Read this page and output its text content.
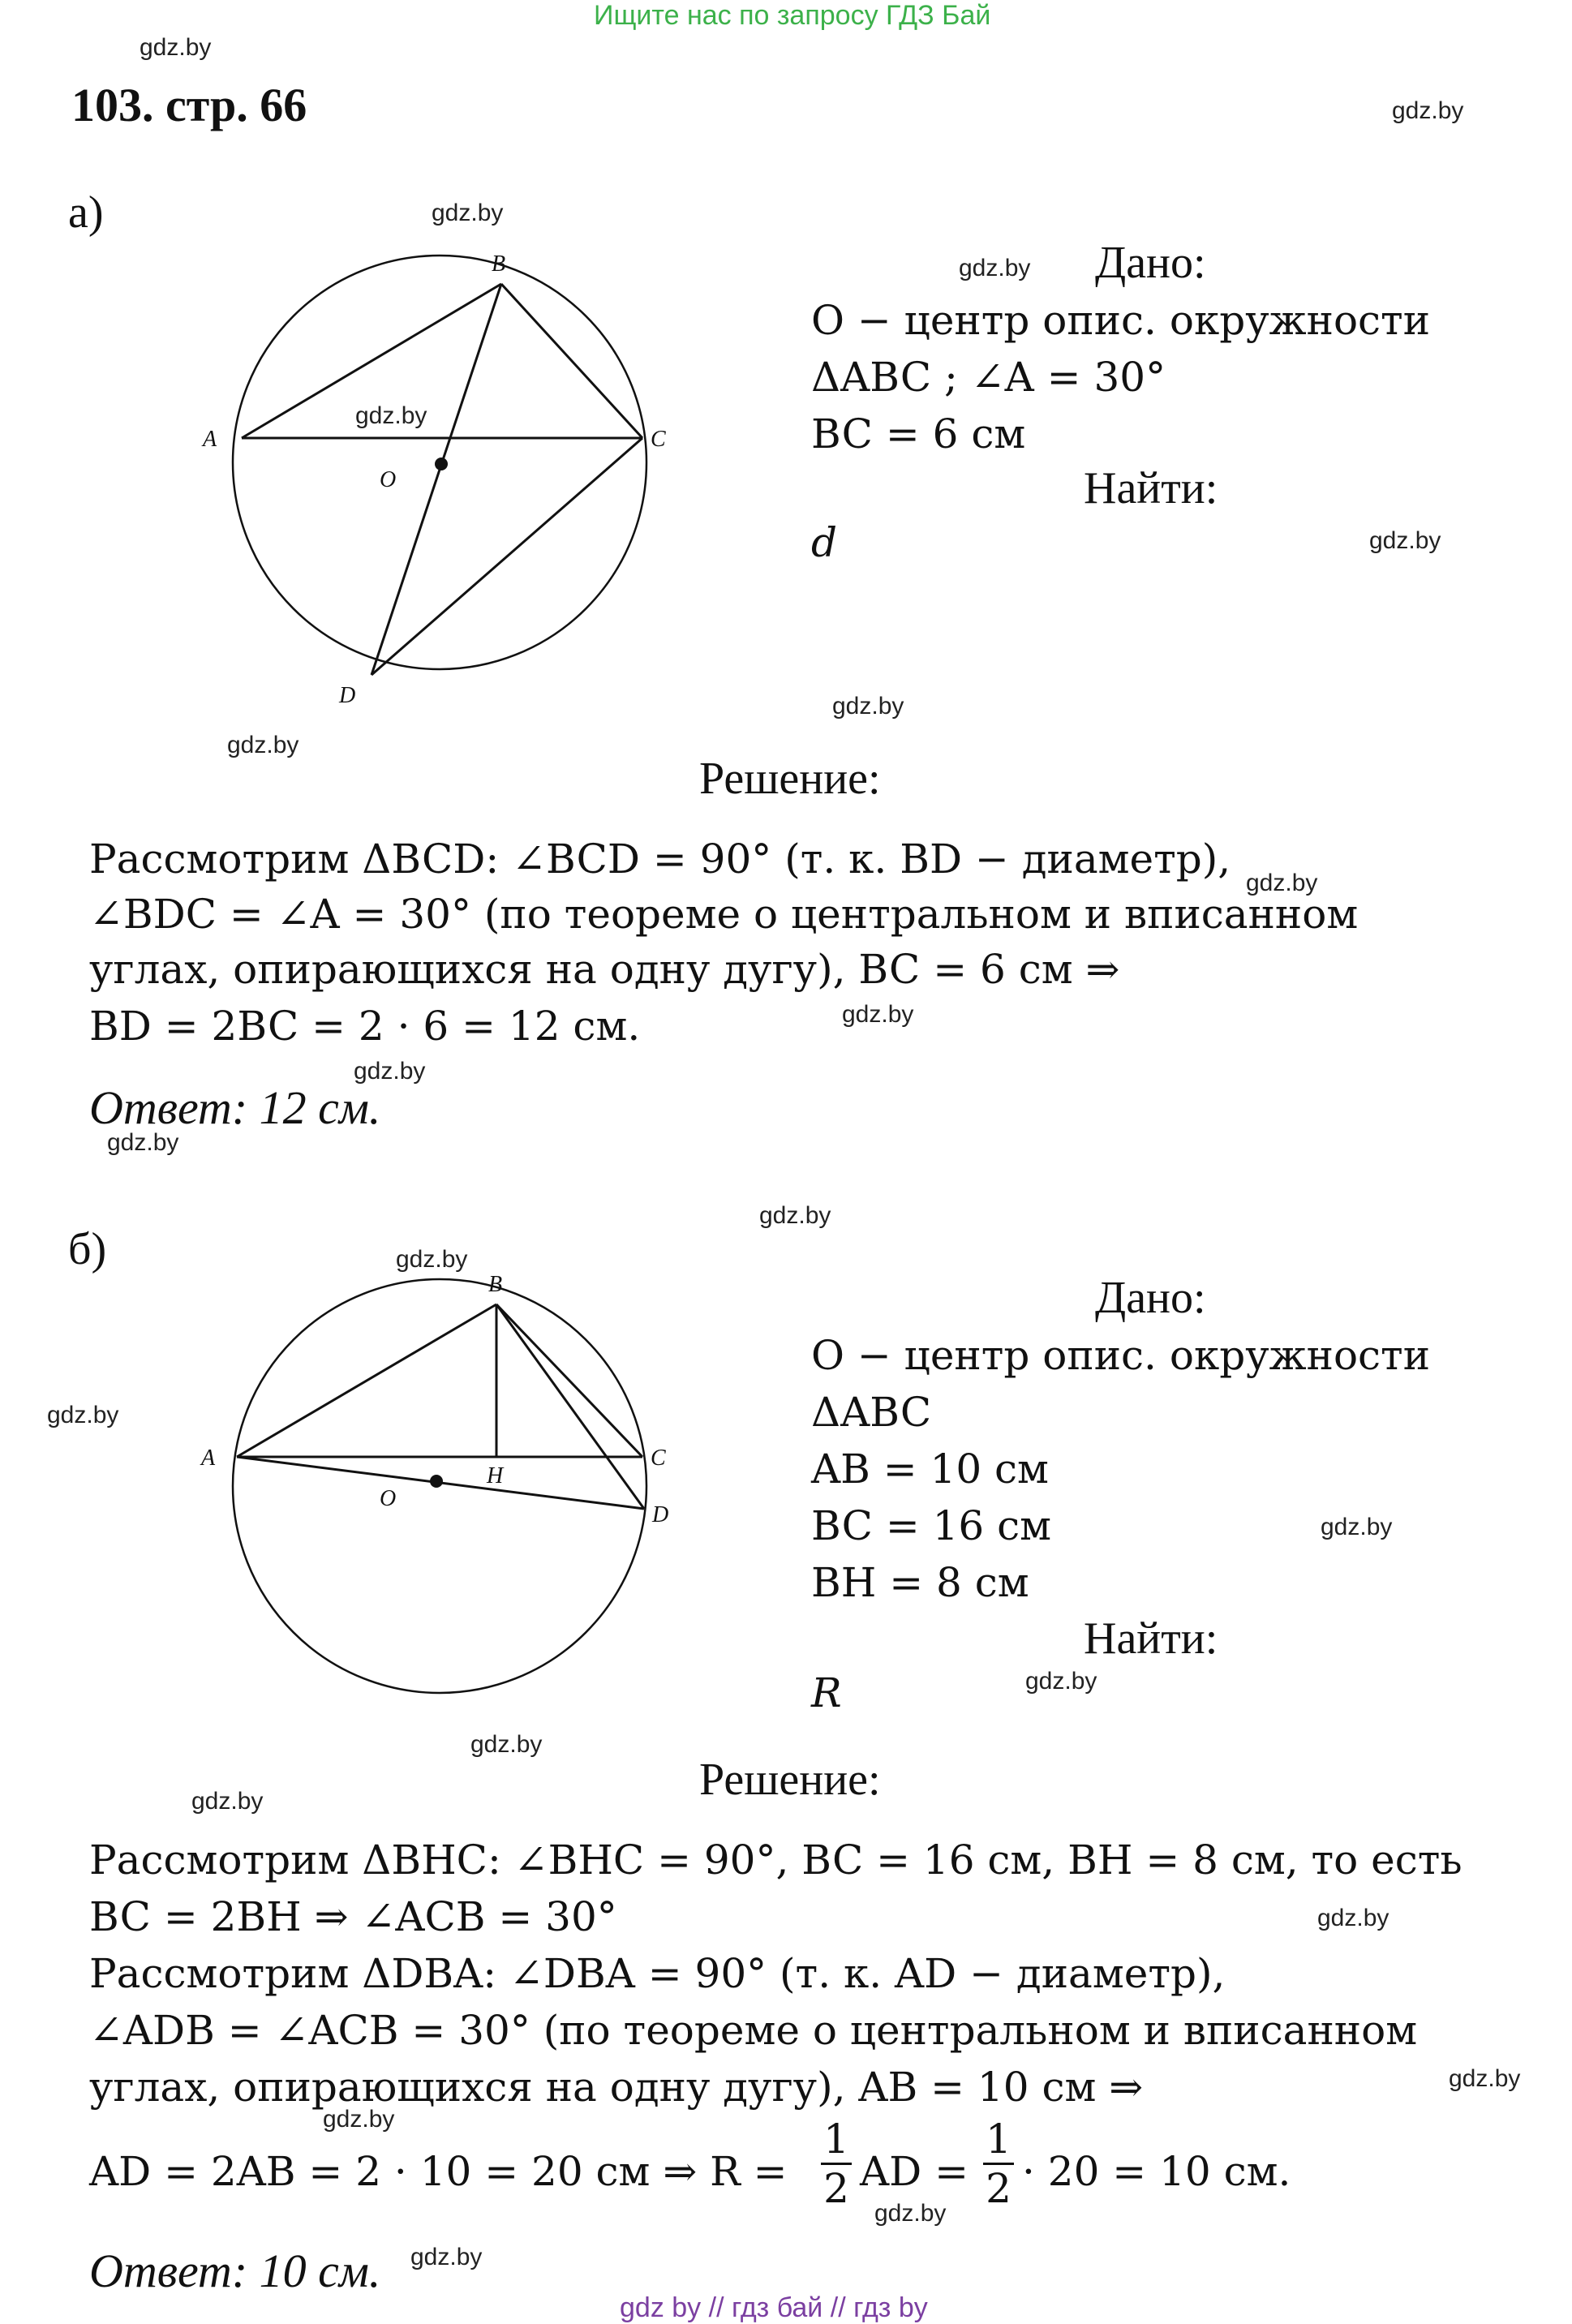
Ищите нас по запросу ГДЗ Бай
103. стр. 66
gdz.by
gdz.by
gdz.by
gdz.by
gdz.by
gdz.by
gdz.by
gdz.by
gdz.by
gdz.by
gdz.by
gdz.by
gdz.by
gdz.by
gdz.by
gdz.by
gdz.by
gdz.by
gdz.by
gdz.by
gdz.by
gdz.by
gdz.by
gdz.by
а)
B
A	C
O
D
Дано:
O − центр опис. окружности
ΔABC ; ∠A = 30°
BC = 6 см
Найти:
d
Решение:
Рассмотрим ΔBCD: ∠BCD = 90° (т. к. BD − диаметр),
∠BDC = ∠A = 30° (по теореме о центральном и вписанном
углах, опирающихся на одну дугу), BC = 6 см ⇒
BD = 2BC = 2 · 6 = 12 см.
Ответ: 12 см.
б)
B
A	C
H
O
D
Дано:
O − центр опис. окружности
ΔABC
AB = 10 см
BC = 16 см
BH = 8 см
Найти:
R
Решение:
Рассмотрим ΔBHC: ∠BHC = 90°, BC = 16 см, BH = 8 см, то есть
BC = 2BH ⇒ ∠ACB = 30°
Рассмотрим ΔDBA: ∠DBA = 90° (т. к. AD − диаметр),
∠ADB = ∠ACB = 30° (по теореме о центральном и вписанном
углах, опирающихся на одну дугу), AB = 10 см ⇒
AD = 2AB = 2 · 10 = 20 см ⇒ R =
1
2 AD =
1
2 · 20 = 10 см.
Ответ: 10 см.
gdz by // гдз бай // гдз by
